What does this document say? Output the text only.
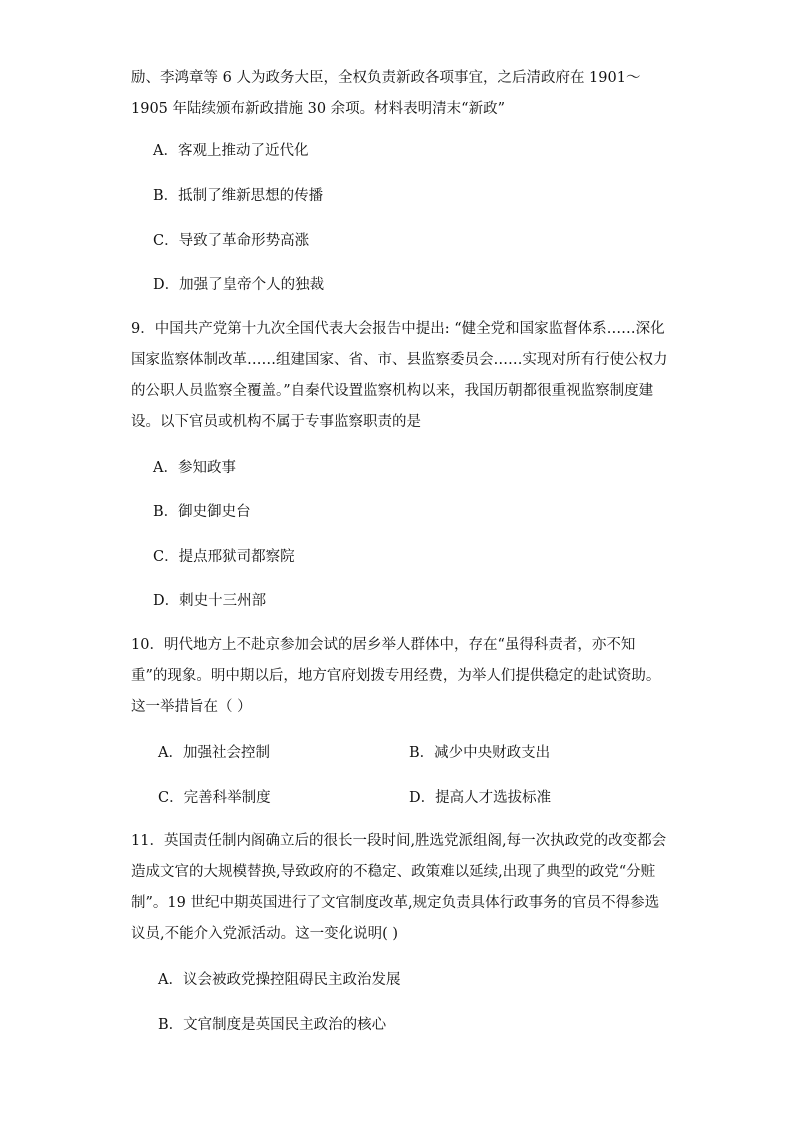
励、李鸿章等 6 人为政务大臣，全权负责新政各项事宜，之后清政府在 1901～1905 年陆续颁布新政措施 30 余项。材料表明清末“新政”

A．客观上推动了近代化
B．抵制了维新思想的传播
C．导致了革命形势高涨
D．加强了皇帝个人的独裁

9．中国共产党第十九次全国代表大会报告中提出: “健全党和国家监督体系……深化国家监察体制改革……组建国家、省、市、县监察委员会……实现对所有行使公权力的公职人员监察全覆盖。”自秦代设置监察机构以来，我国历朝都很重视监察制度建设。以下官员或机构不属于专事监察职责的是

A．参知政事
B．御史御史台
C．提点邢狱司都察院
D．刺史十三州部

10．明代地方上不赴京参加会试的居乡举人群体中，存在“虽得科责者，亦不知重”的现象。明中期以后，地方官府划拨专用经费，为举人们提供稳定的赴试资助。这一举措旨在（ ）

A．加强社会控制	B．减少中央财政支出
C．完善科举制度	D．提高人才选拔标准

11．英国责任制内阁确立后的很长一段时间,胜选党派组阁,每一次执政党的改变都会造成文官的大规模替换,导致政府的不稳定、政策难以延续,出现了典型的政党“分赃制”。19 世纪中期英国进行了文官制度改革,规定负责具体行政事务的官员不得参选议员,不能介入党派活动。这一变化说明( )

A．议会被政党操控阻碍民主政治发展
B．文官制度是英国民主政治的核心
